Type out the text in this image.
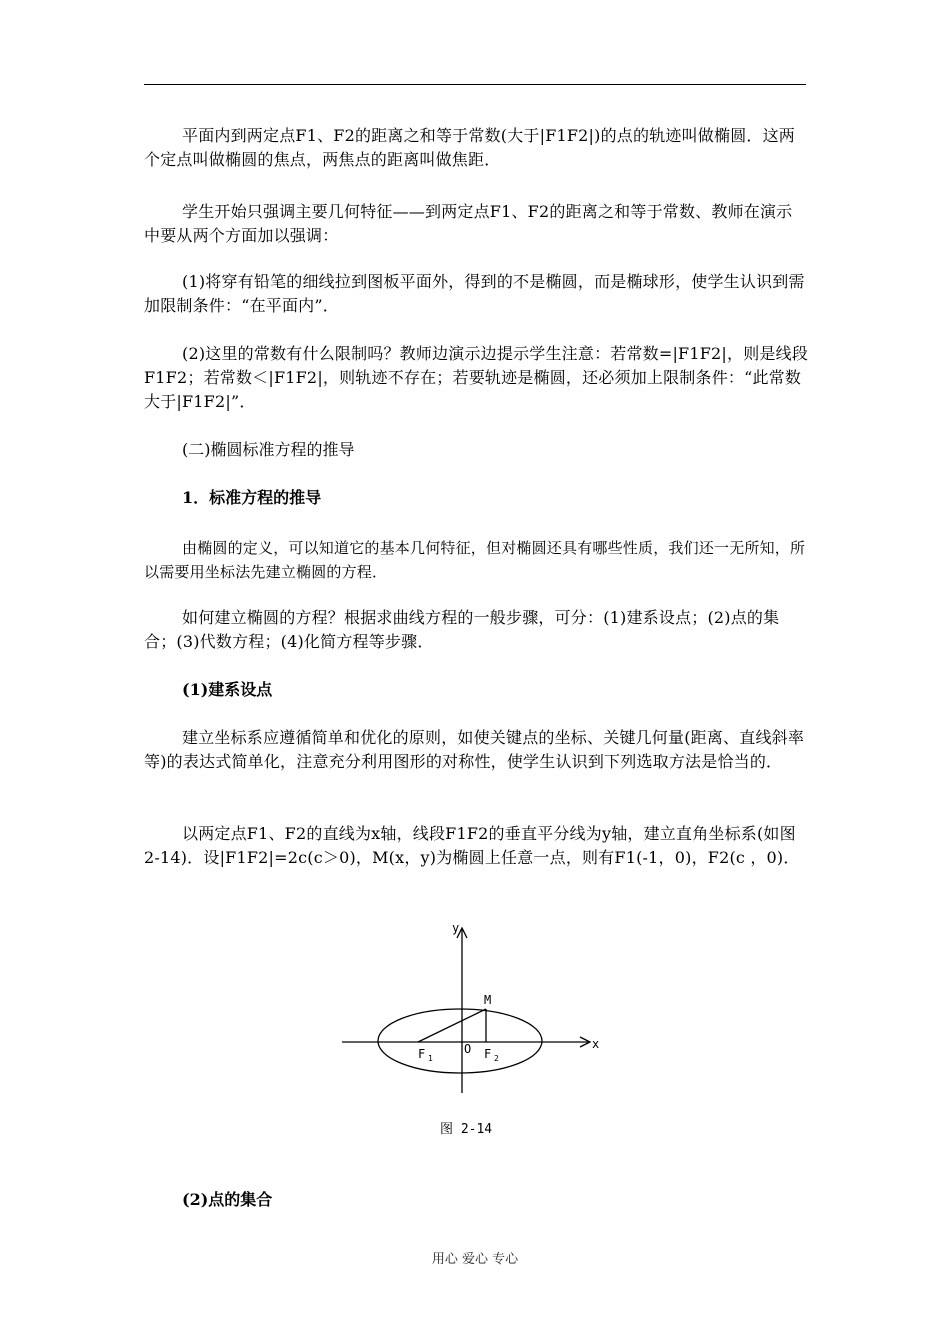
平面内到两定点F1、F2的距离之和等于常数(大于|F1F2|)的点的轨迹叫做椭圆．这两个定点叫做椭圆的焦点，两焦点的距离叫做焦距．

学生开始只强调主要几何特征——到两定点F1、F2的距离之和等于常数、教师在演示中要从两个方面加以强调：

(1)将穿有铅笔的细线拉到图板平面外，得到的不是椭圆，而是椭球形，使学生认识到需加限制条件：“在平面内”．

(2)这里的常数有什么限制吗？教师边演示边提示学生注意：若常数=|F1F2|，则是线段F1F2；若常数＜|F1F2|，则轨迹不存在；若要轨迹是椭圆，还必须加上限制条件：“此常数大于|F1F2|”．

(二)椭圆标准方程的推导

1．标准方程的推导

由椭圆的定义，可以知道它的基本几何特征，但对椭圆还具有哪些性质，我们还一无所知，所以需要用坐标法先建立椭圆的方程．

如何建立椭圆的方程？根据求曲线方程的一般步骤，可分：(1)建系设点；(2)点的集合；(3)代数方程；(4)化简方程等步骤．

(1)建系设点

建立坐标系应遵循简单和优化的原则，如使关键点的坐标、关键几何量(距离、直线斜率等)的表达式简单化，注意充分利用图形的对称性，使学生认识到下列选取方法是恰当的．

以两定点F1、F2的直线为x轴，线段F1F2的垂直平分线为y轴，建立直角坐标系(如图2-14)．设|F1F2|=2c(c＞0)，M(x，y)为椭圆上任意一点，则有F1(-1，0)，F2(c ，0)．

y
x
M
O
F 1	F 2
图 2-14

(2)点的集合

用心 爱心 专心
